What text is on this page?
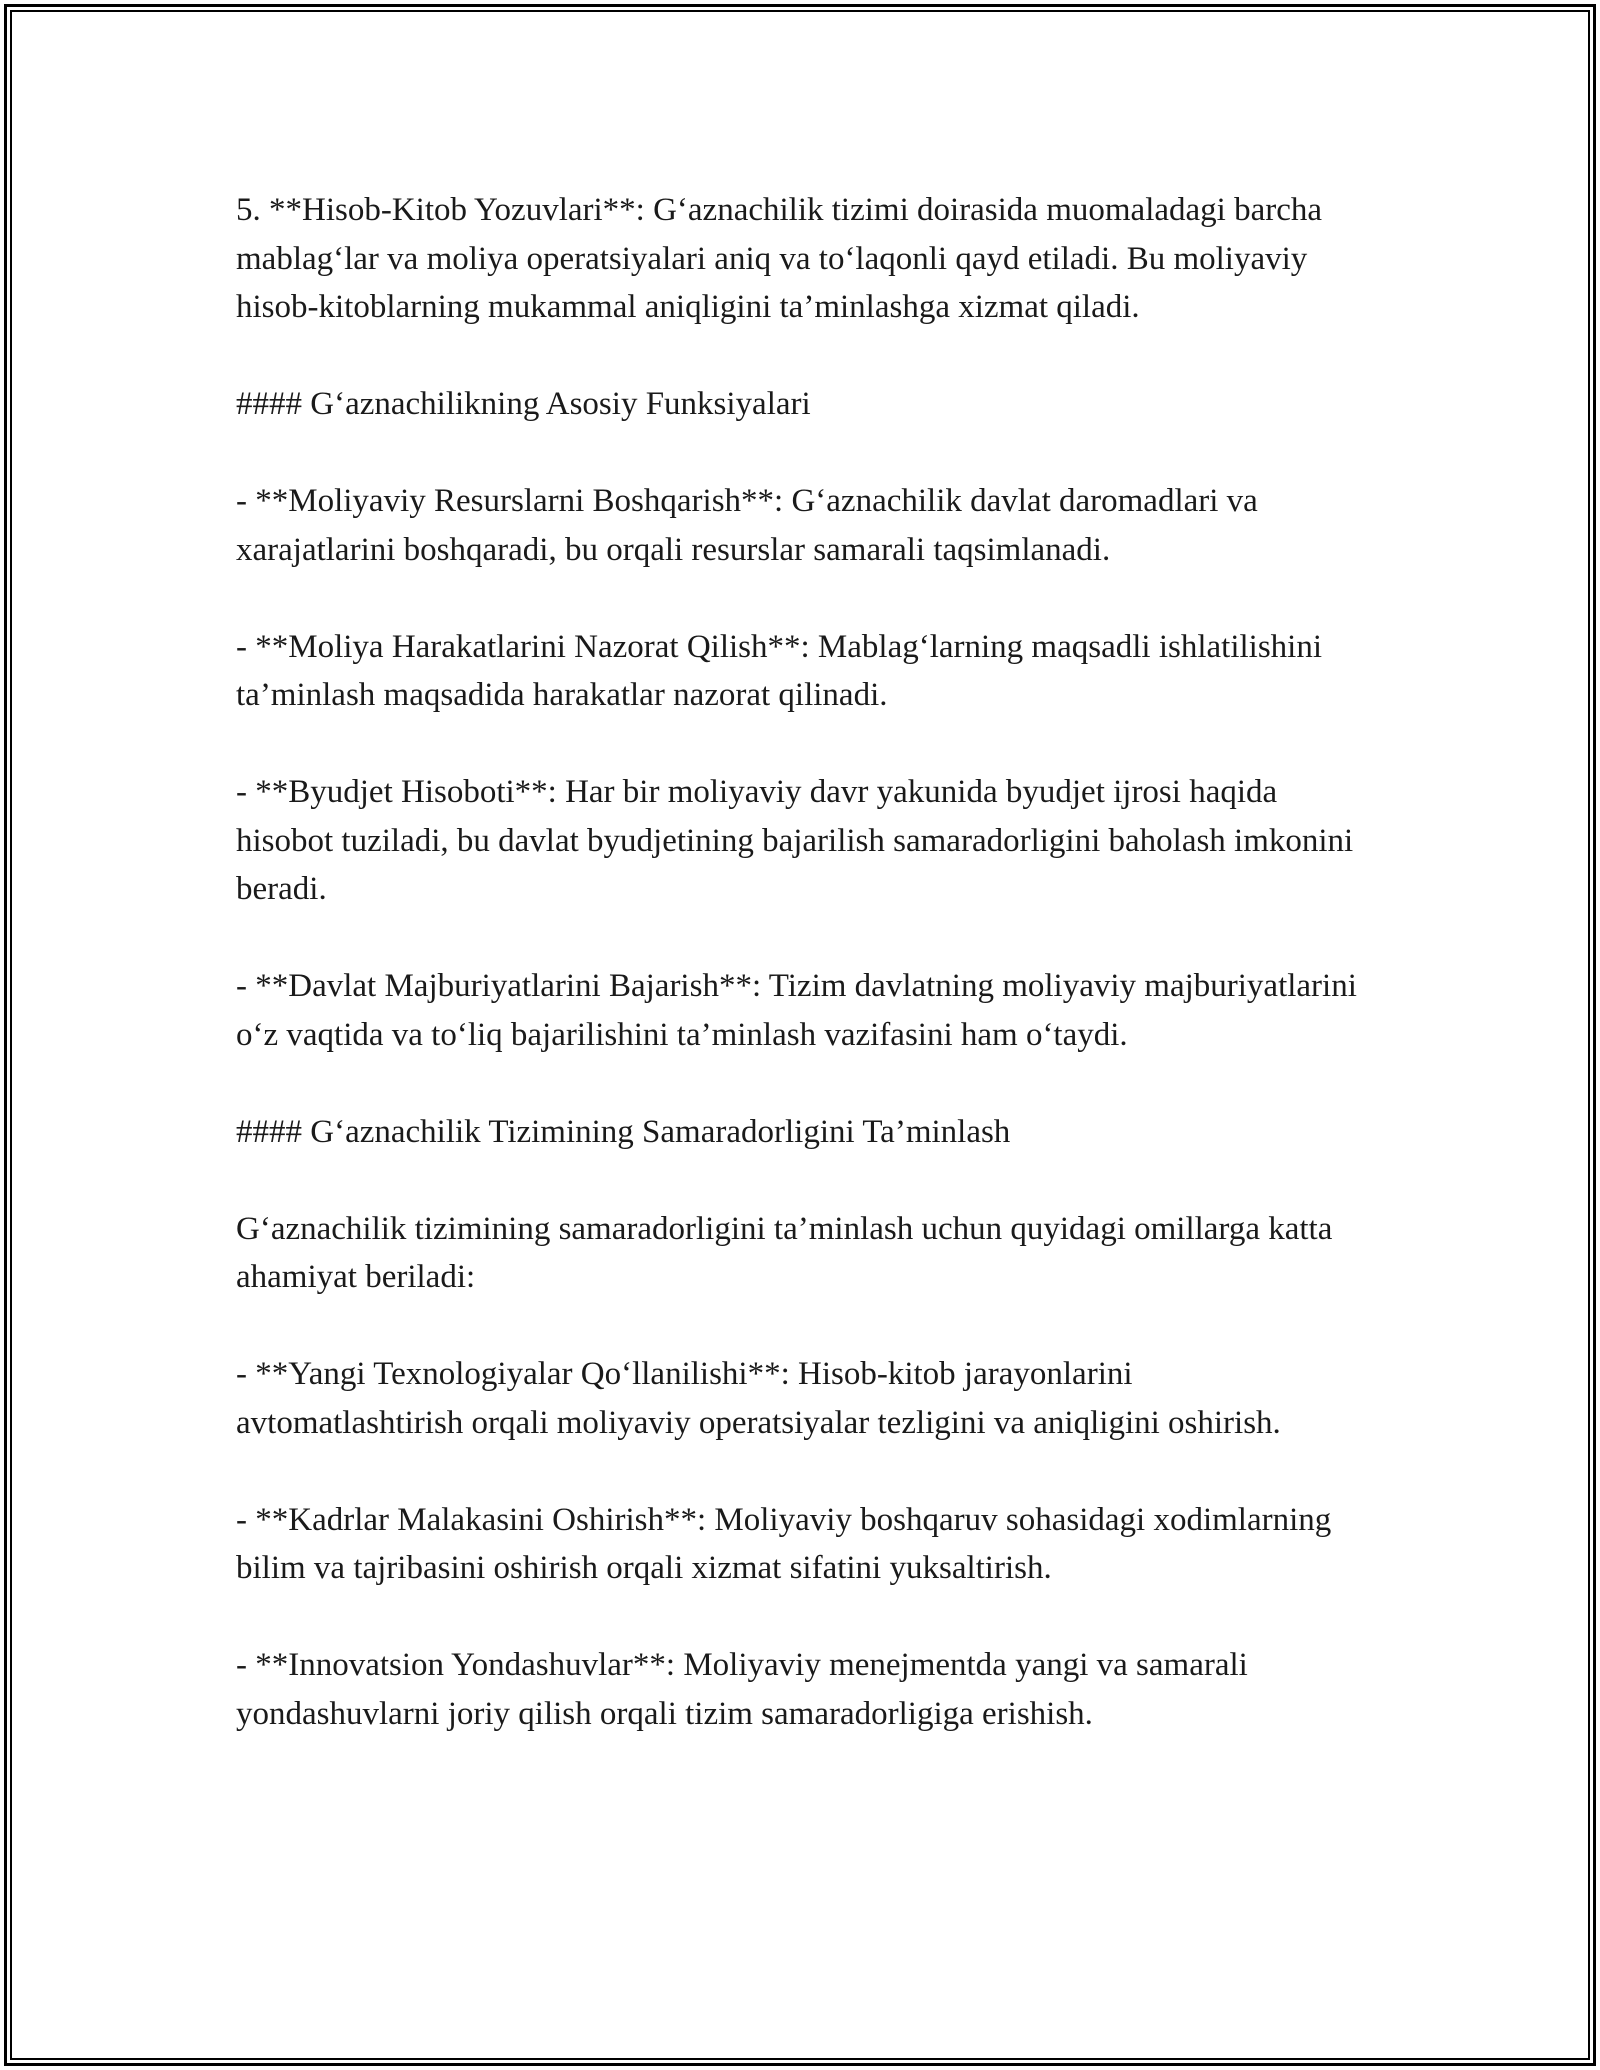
5. **Hisob-Kitob Yozuvlari**: G‘aznachilik tizimi doirasida muomaladagi barcha mablag‘lar va moliya operatsiyalari aniq va to‘laqonli qayd etiladi. Bu moliyaviy hisob-kitoblarning mukammal aniqligini ta’minlashga xizmat qiladi.

#### G‘aznachilikning Asosiy Funksiyalari

- **Moliyaviy Resurslarni Boshqarish**: G‘aznachilik davlat daromadlari va xarajatlarini boshqaradi, bu orqali resurslar samarali taqsimlanadi.

- **Moliya Harakatlarini Nazorat Qilish**: Mablag‘larning maqsadli ishlatilishini ta’minlash maqsadida harakatlar nazorat qilinadi.

- **Byudjet Hisoboti**: Har bir moliyaviy davr yakunida byudjet ijrosi haqida hisobot tuziladi, bu davlat byudjetining bajarilish samaradorligini baholash imkonini beradi.

- **Davlat Majburiyatlarini Bajarish**: Tizim davlatning moliyaviy majburiyatlarini o‘z vaqtida va to‘liq bajarilishini ta’minlash vazifasini ham o‘taydi.

#### G‘aznachilik Tizimining Samaradorligini Ta’minlash

G‘aznachilik tizimining samaradorligini ta’minlash uchun quyidagi omillarga katta ahamiyat beriladi:

- **Yangi Texnologiyalar Qo‘llanilishi**: Hisob-kitob jarayonlarini avtomatlashtirish orqali moliyaviy operatsiyalar tezligini va aniqligini oshirish.

- **Kadrlar Malakasini Oshirish**: Moliyaviy boshqaruv sohasidagi xodimlarning bilim va tajribasini oshirish orqali xizmat sifatini yuksaltirish.

- **Innovatsion Yondashuvlar**: Moliyaviy menejmentda yangi va samarali yondashuvlarni joriy qilish orqali tizim samaradorligiga erishish.
